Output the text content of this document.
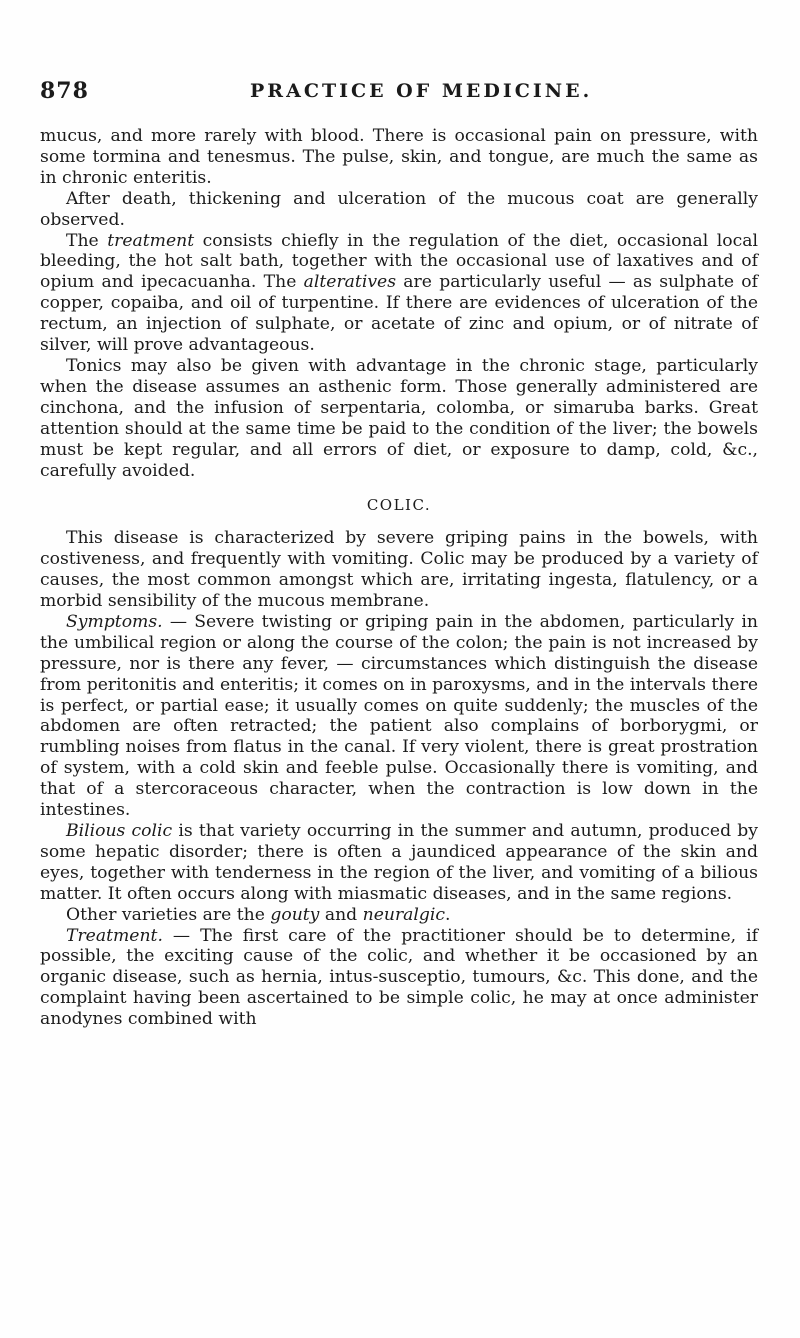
878	PRACTICE OF MEDICINE.

mucus, and more rarely with blood. There is occasional pain on pressure, with some tormina and tenesmus. The pulse, skin, and tongue, are much the same as in chronic enteritis.

After death, thickening and ulceration of the mucous coat are generally observed.

The treatment consists chiefly in the regulation of the diet, occasional local bleeding, the hot salt bath, together with the occasional use of laxatives and of opium and ipecacuanha. The alteratives are particularly useful — as sulphate of copper, copaiba, and oil of turpentine. If there are evidences of ulceration of the rectum, an injection of sulphate, or acetate of zinc and opium, or of nitrate of silver, will prove advantageous.

Tonics may also be given with advantage in the chronic stage, particularly when the disease assumes an asthenic form. Those generally administered are cinchona, and the infusion of serpentaria, colomba, or simaruba barks. Great attention should at the same time be paid to the condition of the liver; the bowels must be kept regular, and all errors of diet, or exposure to damp, cold, &c., carefully avoided.

COLIC.

This disease is characterized by severe griping pains in the bowels, with costiveness, and frequently with vomiting. Colic may be produced by a variety of causes, the most common amongst which are, irritating ingesta, flatulency, or a morbid sensibility of the mucous membrane.

Symptoms. — Severe twisting or griping pain in the abdomen, particularly in the umbilical region or along the course of the colon; the pain is not increased by pressure, nor is there any fever, — circumstances which distinguish the disease from peritonitis and enteritis; it comes on in paroxysms, and in the intervals there is perfect, or partial ease; it usually comes on quite suddenly; the muscles of the abdomen are often retracted; the patient also complains of borborygmi, or rumbling noises from flatus in the canal. If very violent, there is great prostration of system, with a cold skin and feeble pulse. Occasionally there is vomiting, and that of a stercoraceous character, when the contraction is low down in the intestines.

Bilious colic is that variety occurring in the summer and autumn, produced by some hepatic disorder; there is often a jaundiced appearance of the skin and eyes, together with tenderness in the region of the liver, and vomiting of a bilious matter. It often occurs along with miasmatic diseases, and in the same regions.

Other varieties are the gouty and neuralgic.

Treatment. — The first care of the practitioner should be to determine, if possible, the exciting cause of the colic, and whether it be occasioned by an organic disease, such as hernia, intus-susceptio, tumours, &c. This done, and the complaint having been ascertained to be simple colic, he may at once administer anodynes combined with
